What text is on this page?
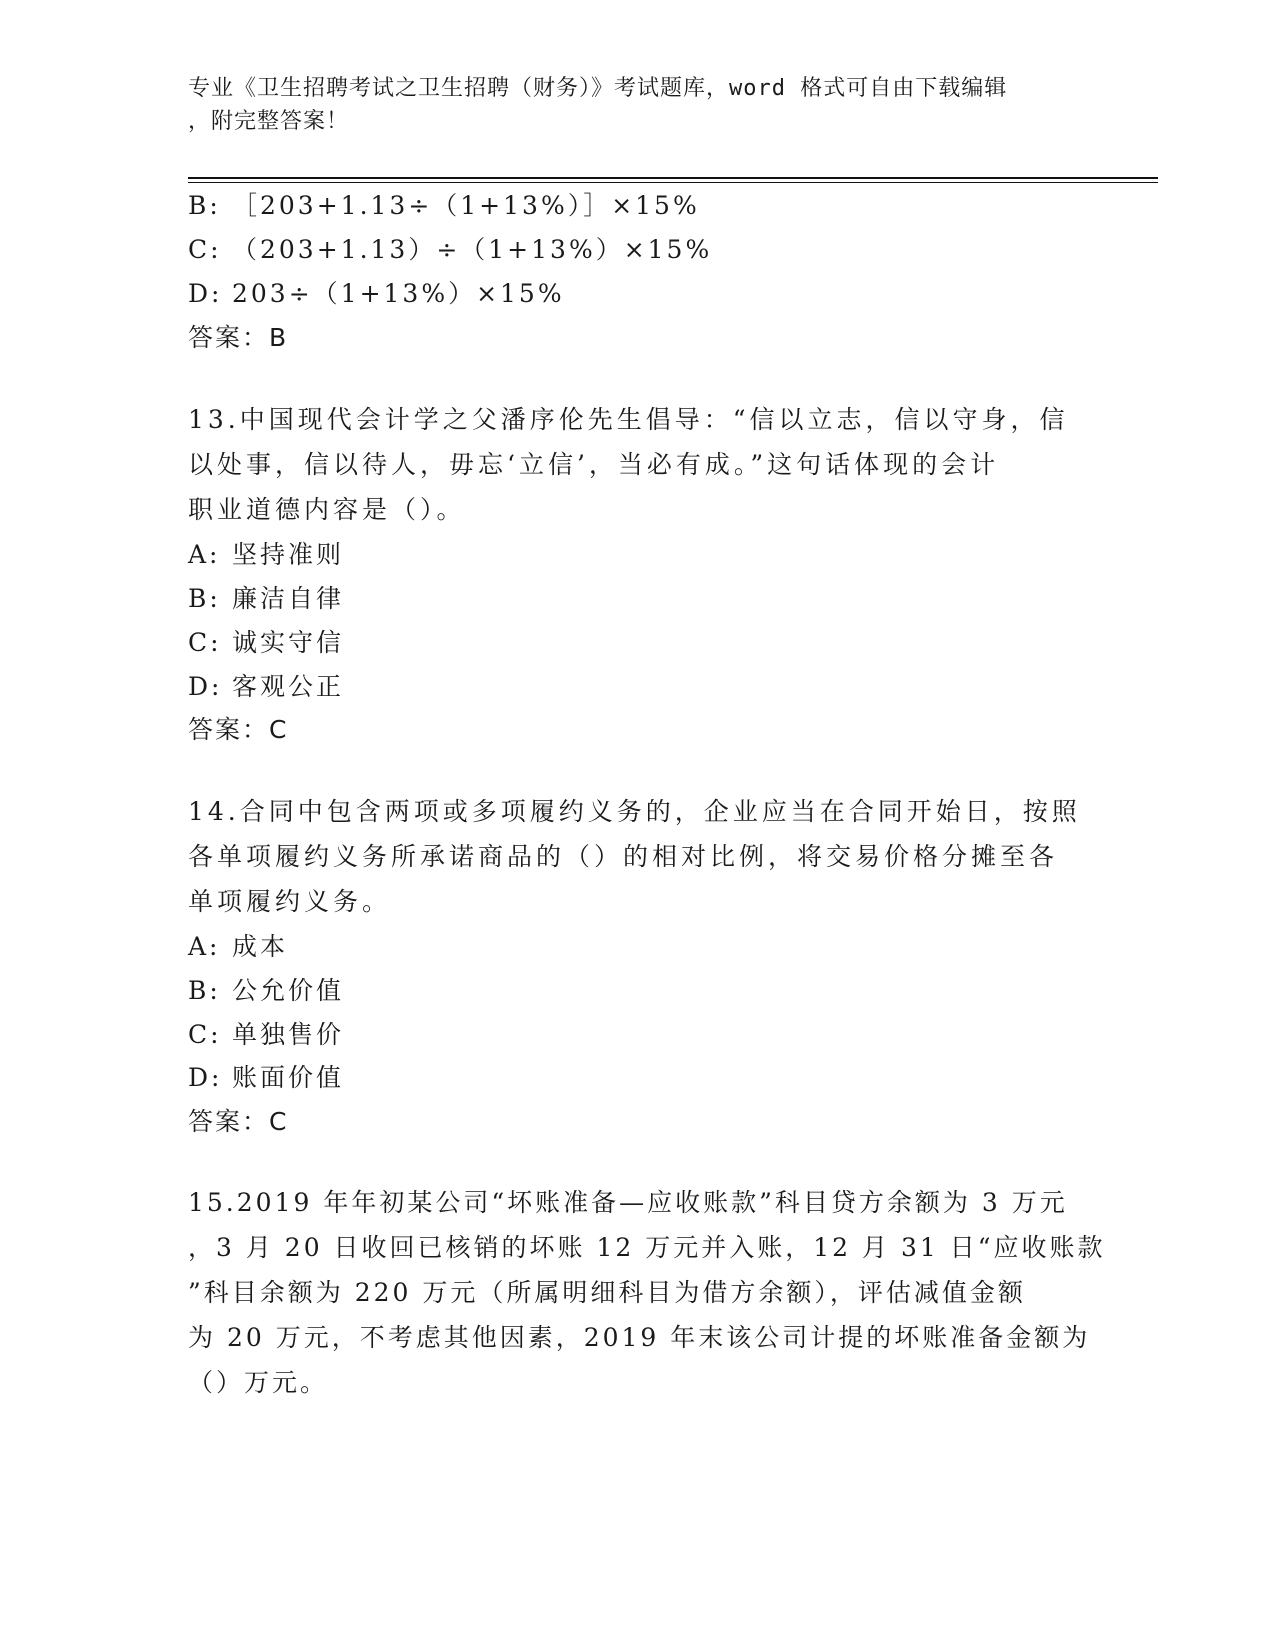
专业《卫生招聘考试之卫生招聘（财务）》考试题库，word 格式可自由下载编辑
，附完整答案！
B: ［203+1.13÷（1+13%）］×15%
C: （203+1.13）÷（1+13%）×15%
D: 203÷（1+13%）×15%
答案：B
13.中国现代会计学之父潘序伦先生倡导：“信以立志，信以守身，信
以处事，信以待人，毋忘‘立信’，当必有成。”这句话体现的会计
职业道德内容是（）。
A: 坚持准则
B: 廉洁自律
C: 诚实守信
D: 客观公正
答案：C
14.合同中包含两项或多项履约义务的，企业应当在合同开始日，按照
各单项履约义务所承诺商品的（）的相对比例，将交易价格分摊至各
单项履约义务。
A: 成本
B: 公允价值
C: 单独售价
D: 账面价值
答案：C
15.2019 年年初某公司“坏账准备—应收账款”科目贷方余额为 3 万元
，3 月 20 日收回已核销的坏账 12 万元并入账，12 月 31 日“应收账款
”科目余额为 220 万元（所属明细科目为借方余额），评估减值金额
为 20 万元，不考虑其他因素，2019 年末该公司计提的坏账准备金额为
（）万元。
